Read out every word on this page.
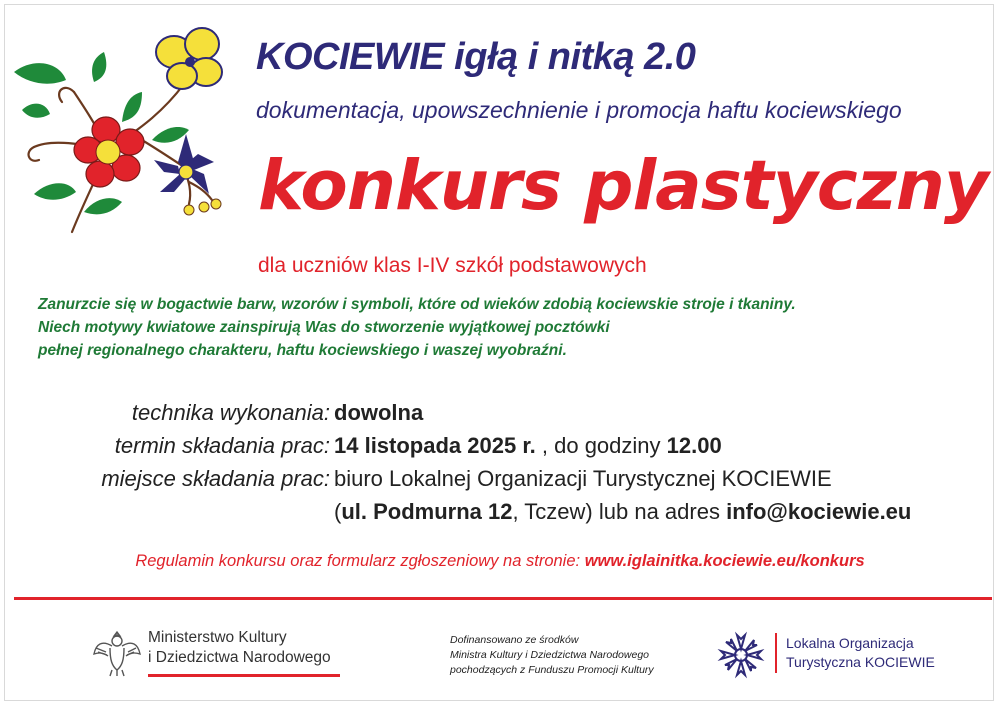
KOCIEWIE igłą i nitką 2.0
dokumentacja, upowszechnienie i promocja haftu kociewskiego
konkurs plastyczny
dla uczniów klas I-IV szkół podstawowych
Zanurzcie się w bogactwie barw, wzorów i symboli, które od wieków zdobią kociewskie stroje i tkaniny.
Niech motywy kwiatowe zainspirują Was do stworzenie wyjątkowej pocztówki
pełnej regionalnego charakteru, haftu kociewskiego i waszej wyobraźni.
technika wykonania: dowolna
termin składania prac: 14 listopada 2025 r. , do godziny 12.00
miejsce składania prac: biuro Lokalnej Organizacji Turystycznej KOCIEWIE
(ul. Podmurna 12, Tczew) lub na adres info@kociewie.eu
Regulamin konkursu oraz formularz zgłoszeniowy na stronie: www.iglainitka.kociewie.eu/konkurs
Ministerstwo Kultury
i Dziedzictwa Narodowego
Dofinansowano ze środków
Ministra Kultury i Dziedzictwa Narodowego
pochodzących z Funduszu Promocji Kultury
Lokalna Organizacja
Turystyczna KOCIEWIE
